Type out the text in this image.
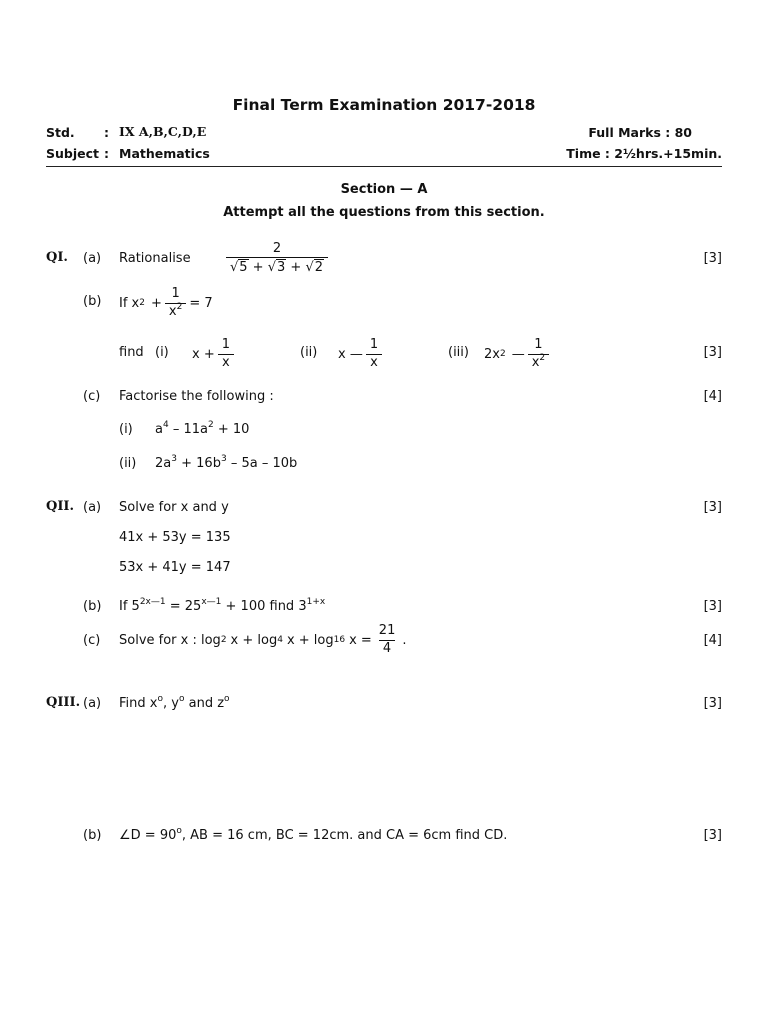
Final Term Examination 2017-2018
Std. : IX A,B,C,D,E
Subject : Mathematics
Full Marks : 80
Time : 2½hrs.+15min.
Section — A
Attempt all the questions from this section.
QI. (a) Rationalise	$\frac{2}{√5 + √3 + √2}$	[3]
(b) If x $2 + \frac{1}{x^2} = 7$
find (i) $x + \frac{1}{x}$	(ii) x — $\frac{1}{x}$	(iii) 2x 2 — $\frac{1}{x^2}$	[3]
(c) Factorise the following :	[4]
(i) $a^4 - 11a^2 + 10$
(ii) $2a^3 + 16b^3 - 5a - 10b$
QII. (a) Solve for x and y	[3]
41x + 53y = 135
53x + 41y = 147
(b) If $5^{2x—1} = 25^{x—1} + 100$ find $3^{1+x}$	[3]
(c) Solve for x : log 2 x + log 4 x + log 16 $x = \frac{21}{4}$ .	[4]
QIII. (a) Find $x^o$, $y^o$ and $z^o$	[3]
(b) ∠D = $90^o$, AB = 16 cm, BC = 12cm. and CA = 6cm find CD.	[3]
